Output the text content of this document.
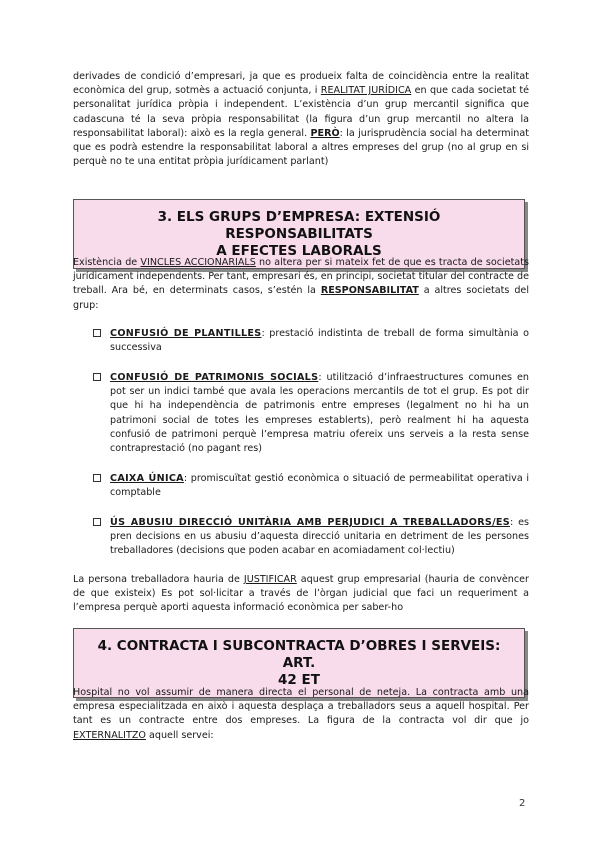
derivades de condició d’empresari, ja que es produeix falta de coincidència entre la realitat econòmica del grup, sotmès a actuació conjunta, i REALITAT JURÍDICA en que cada societat té personalitat jurídica pròpia i independent. L’existència d’un grup mercantil significa que cadascuna té la seva pròpia responsabilitat (la figura d’un grup mercantil no altera la responsabilitat laboral): això es la regla general. PERÒ: la jurisprudència social ha determinat que es podrà estendre la responsabilitat laboral a altres empreses del grup (no al grup en si perquè no te una entitat pròpia jurídicament parlant)

3. ELS GRUPS D’EMPRESA: EXTENSIÓ RESPONSABILITATS
A EFECTES LABORALS

Existència de VINCLES ACCIONARIALS no altera per si mateix fet de que es tracta de societats jurídicament independents. Per tant, empresari és, en principi, societat titular del contracte de treball. Ara bé, en determinats casos, s’estén la RESPONSABILITAT a altres societats del grup:

CONFUSIÓ DE PLANTILLES: prestació indistinta de treball de forma simultània o successiva

CONFUSIÓ DE PATRIMONIS SOCIALS: utilització d’infraestructures comunes en pot ser un indici també que avala les operacions mercantils de tot el grup. Es pot dir que hi ha independència de patrimonis entre empreses (legalment no hi ha un patrimoni social de totes les empreses establerts), però realment hi ha aquesta confusió de patrimoni perquè l’empresa matriu ofereix uns serveis a la resta sense contraprestació (no pagant res)

CAIXA ÚNICA: promiscuïtat gestió econòmica o situació de permeabilitat operativa i comptable

ÚS ABUSIU DIRECCIÓ UNITÀRIA AMB PERJUDICI A TREBALLADORS/ES: es pren decisions en us abusiu d’aquesta direcció unitaria en detriment de les persones treballadores (decisions que poden acabar en acomiadament col·lectiu)

La persona treballadora hauria de JUSTIFICAR aquest grup empresarial (hauria de convèncer de que existeix) Es pot sol·licitar a través de l’òrgan judicial que faci un requeriment a l’empresa perquè aporti aquesta informació econòmica per saber-ho

4. CONTRACTA I SUBCONTRACTA D’OBRES I SERVEIS: ART.
42 ET

Hospital no vol assumir de manera directa el personal de neteja. La contracta amb una empresa especialitzada en això i aquesta desplaça a treballadors seus a aquell hospital. Per tant es un contracte entre dos empreses. La figura de la contracta vol dir que jo EXTERNALITZO aquell servei:

2
